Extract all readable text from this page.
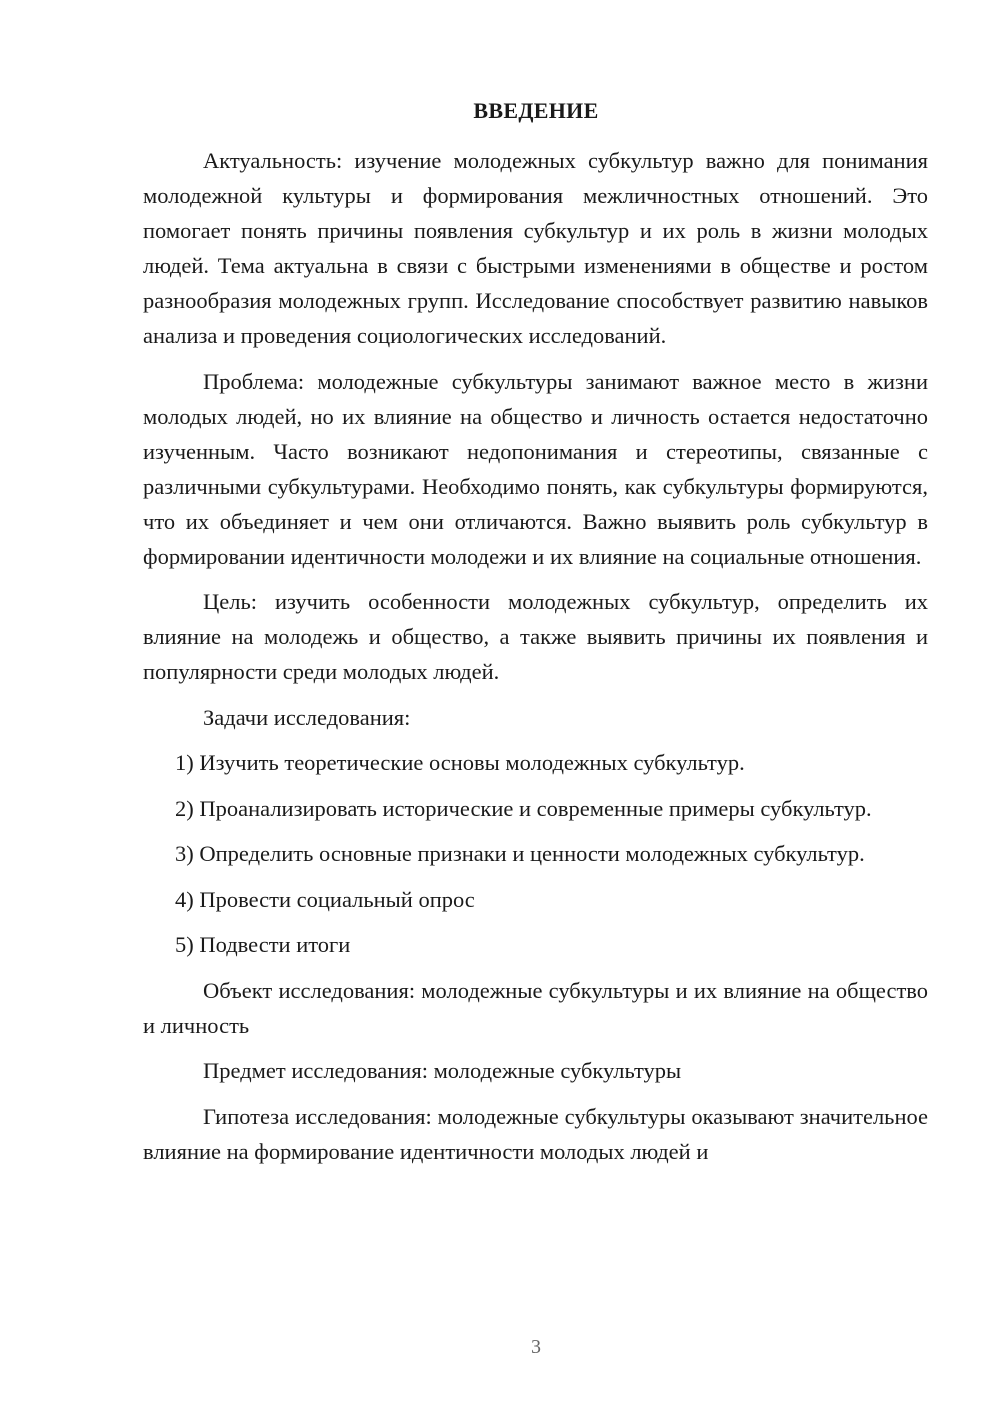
ВВЕДЕНИЕ

Актуальность: изучение молодежных субкультур важно для понимания молодежной культуры и формирования межличностных отношений. Это помогает понять причины появления субкультур и их роль в жизни молодых людей. Тема актуальна в связи с быстрыми изменениями в обществе и ростом разнообразия молодежных групп. Исследование способствует развитию навыков анализа и проведения социологических исследований.

Проблема: молодежные субкультуры занимают важное место в жизни молодых людей, но их влияние на общество и личность остается недостаточно изученным. Часто возникают недопонимания и стереотипы, связанные с различными субкультурами. Необходимо понять, как субкультуры формируются, что их объединяет и чем они отличаются. Важно выявить роль субкультур в формировании идентичности молодежи и их влияние на социальные отношения.

Цель: изучить особенности молодежных субкультур, определить их влияние на молодежь и общество, а также выявить причины их появления и популярности среди молодых людей.

Задачи исследования:

1) Изучить теоретические основы молодежных субкультур.

2) Проанализировать исторические и современные примеры субкультур.

3) Определить основные признаки и ценности молодежных субкультур.

4) Провести социальный опрос

5) Подвести итоги

Объект исследования: молодежные субкультуры и их влияние на общество и личность

Предмет исследования: молодежные субкультуры

Гипотеза исследования: молодежные субкультуры оказывают значительное влияние на формирование идентичности молодых людей и

3
